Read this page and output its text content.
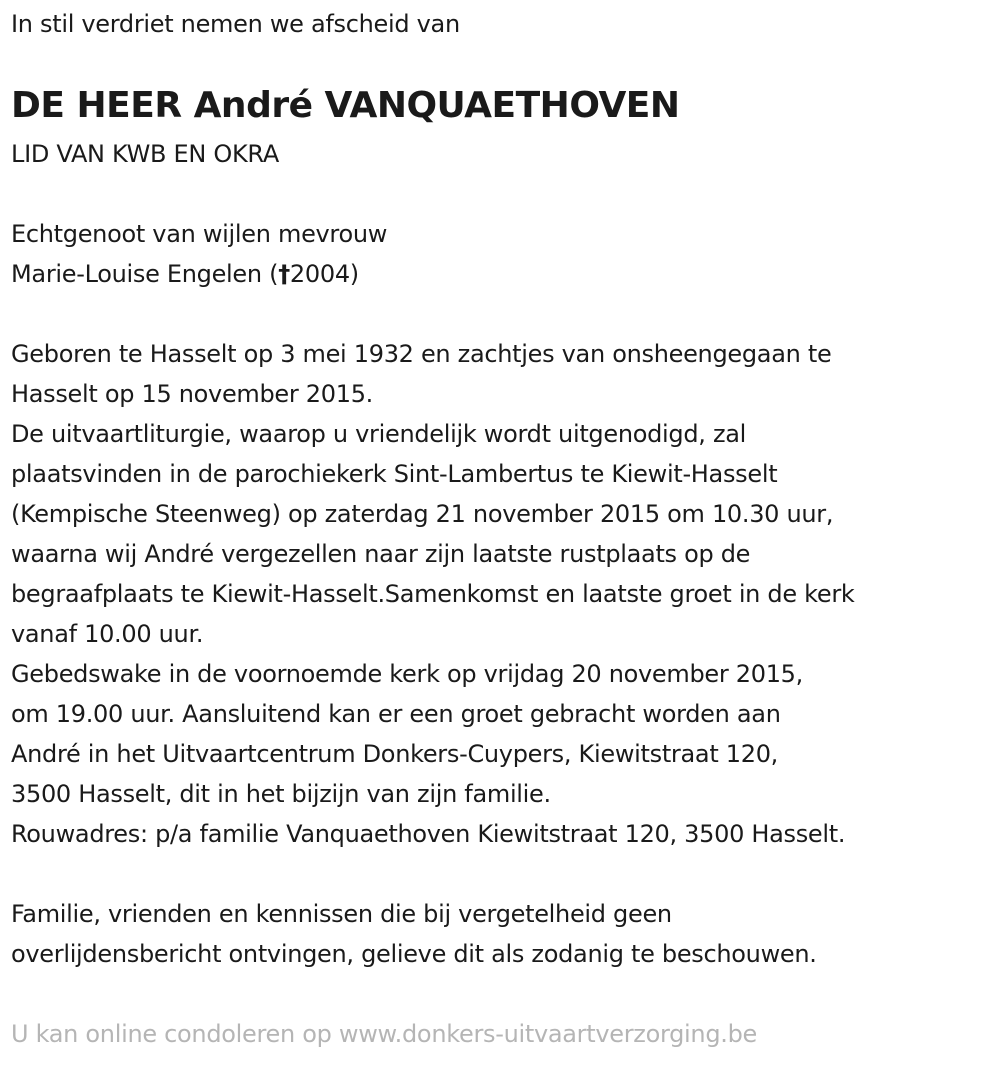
In stil verdriet nemen we afscheid van
DE HEER André VANQUAETHOVEN
LID VAN KWB EN OKRA
Echtgenoot van wijlen mevrouw
Marie-Louise Engelen (†2004)
Geboren te Hasselt op 3 mei 1932 en zachtjes van onsheengegaan te
Hasselt op 15 november 2015.
De uitvaartliturgie, waarop u vriendelijk wordt uitgenodigd, zal
plaatsvinden in de parochiekerk Sint-Lambertus te Kiewit-Hasselt
(Kempische Steenweg) op zaterdag 21 november 2015 om 10.30 uur,
waarna wij André vergezellen naar zijn laatste rustplaats op de
begraafplaats te Kiewit-Hasselt.Samenkomst en laatste groet in de kerk
vanaf 10.00 uur.
Gebedswake in de voornoemde kerk op vrijdag 20 november 2015,
om 19.00 uur. Aansluitend kan er een groet gebracht worden aan
André in het Uitvaartcentrum Donkers-Cuypers, Kiewitstraat 120,
3500 Hasselt, dit in het bijzijn van zijn familie.
Rouwadres: p/a familie Vanquaethoven Kiewitstraat 120, 3500 Hasselt.
Familie, vrienden en kennissen die bij vergetelheid geen
overlijdensbericht ontvingen, gelieve dit als zodanig te beschouwen.
U kan online condoleren op www.donkers-uitvaartverzorging.be
